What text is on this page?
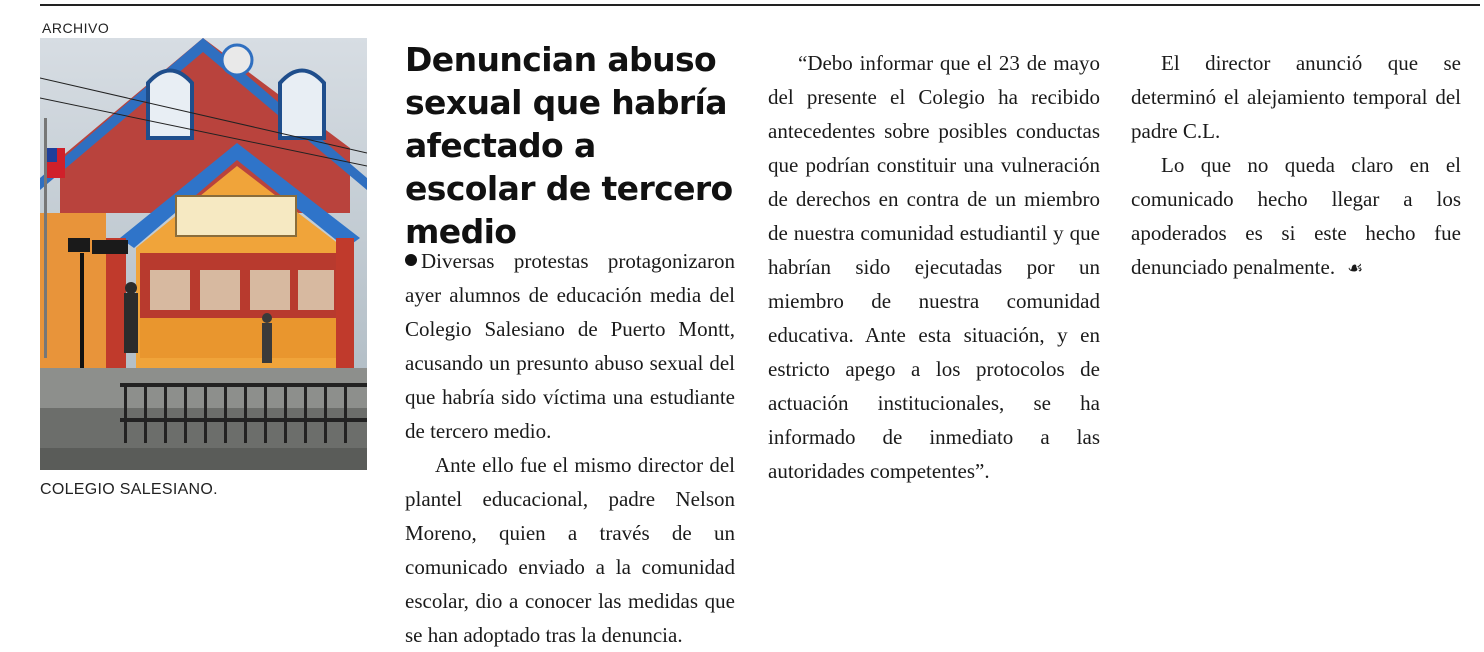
ARCHIVO
COLEGIO SALESIANO.
Denuncian abuso sexual que habría afectado a escolar de tercero medio

Diversas protestas protagonizaron ayer alumnos de educación media del Colegio Salesiano de Puerto Montt, acusando un presunto abuso sexual del que habría sido víctima una estudiante de tercero medio.

Ante ello fue el mismo director del plantel educacional, padre Nelson Moreno, quien a través de un comunicado enviado a la comunidad escolar, dio a conocer las medidas que se han adoptado tras la denuncia.

“Debo informar que el 23 de mayo del presente el Colegio ha recibido antecedentes sobre posibles conductas que podrían constituir una vulneración de derechos en contra de un miembro de nuestra comunidad estudiantil y que habrían sido ejecutadas por un miembro de nuestra comunidad educativa. Ante esta situación, y en estricto apego a los protocolos de actuación institucionales, se ha informado de inmediato a las autoridades competentes”.

El director anunció que se determinó el alejamiento temporal del padre C.L.

Lo que no queda claro en el comunicado hecho llegar a los apoderados es si este hecho fue denunciado penalmente. ☙
